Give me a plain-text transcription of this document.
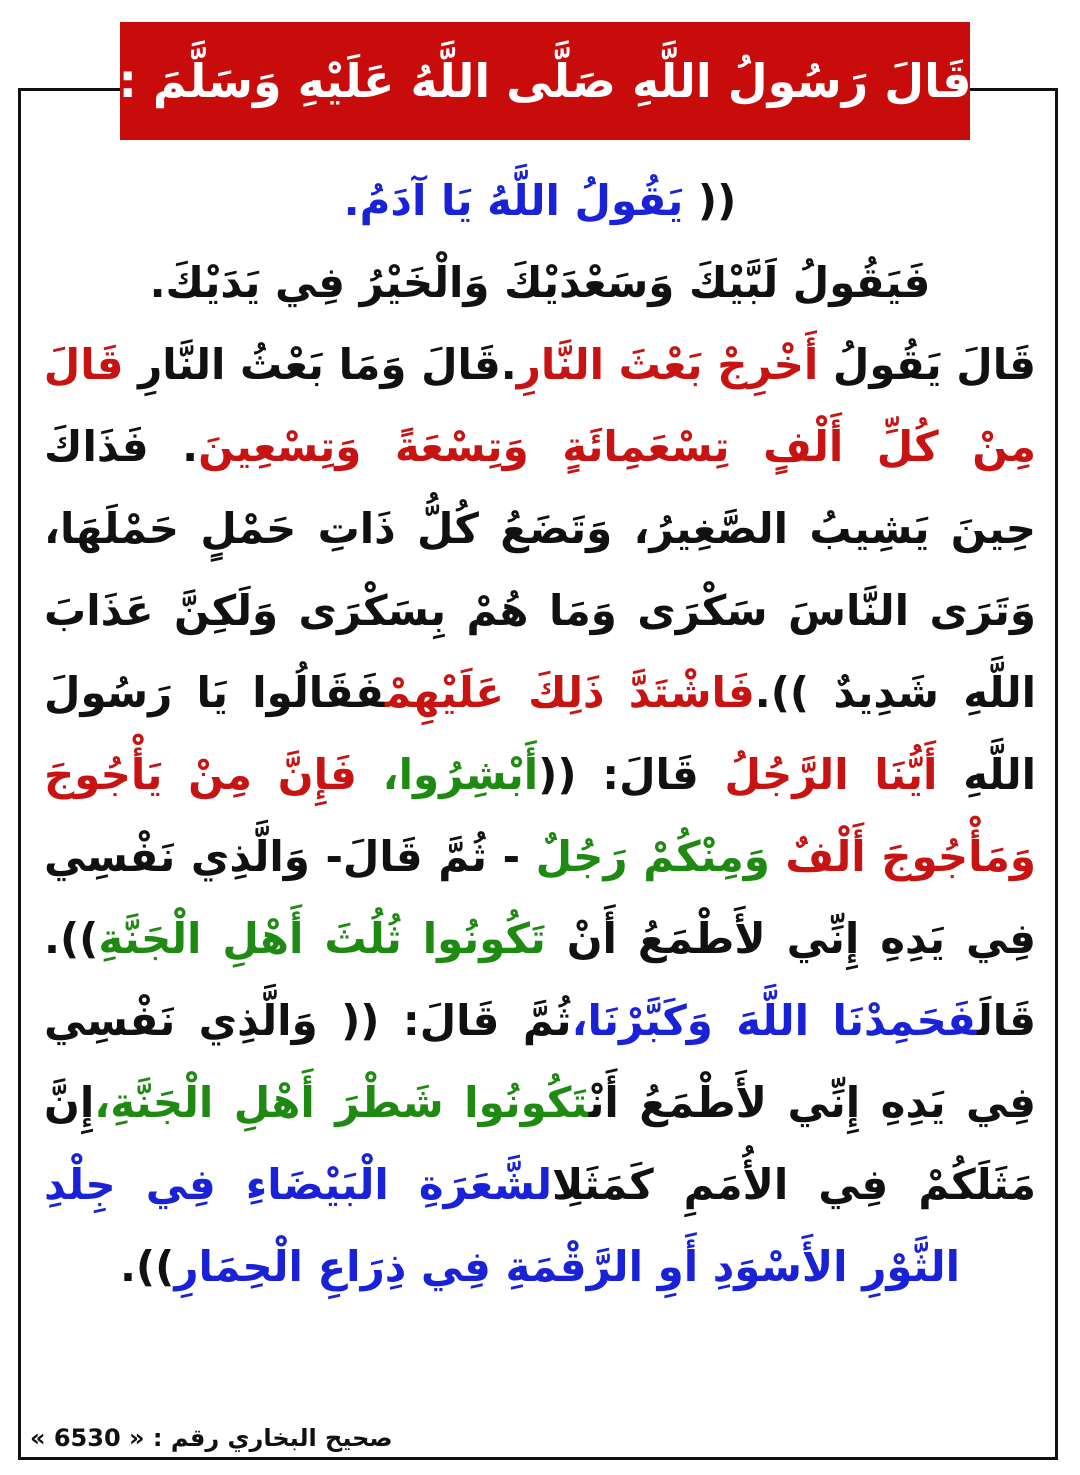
قَالَ رَسُولُ اللَّهِ صَلَّى اللَّهُ عَلَيْهِ وَسَلَّمَ :
(( يَقُولُ اللَّهُ يَا آدَمُ.
فَيَقُولُ لَبَّيْكَ وَسَعْدَيْكَ وَالْخَيْرُ فِي يَدَيْكَ.
قَالَ يَقُولُ أَخْرِجْ بَعْثَ النَّارِ.قَالَ وَمَا بَعْثُ النَّارِ قَالَ
مِنْ كُلِّ أَلْفٍ تِسْعَمِائَةٍ وَتِسْعَةً وَتِسْعِينَ. فَذَاكَ
حِينَ يَشِيبُ الصَّغِيرُ، وَتَضَعُ كُلُّ ذَاتِ حَمْلٍ حَمْلَهَا،
وَتَرَى النَّاسَ سَكْرَى وَمَا هُمْ بِسَكْرَى وَلَكِنَّ عَذَابَ
اللَّهِ شَدِيدٌ )).فَاشْتَدَّ ذَلِكَ عَلَيْهِمْفَقَالُوا يَا رَسُولَ
اللَّهِ أَيُّنَا الرَّجُلُ قَالَ: ((أَبْشِرُوا، فَإِنَّ مِنْ يَأْجُوجَ
وَمَأْجُوجَ أَلْفٌ وَمِنْكُمْ رَجُلٌ - ثُمَّ قَالَ- وَالَّذِي نَفْسِي
فِي يَدِهِ إِنِّي لأَطْمَعُ أَنْ تَكُونُوا ثُلُثَ أَهْلِ الْجَنَّةِ)).
قَالَفَحَمِدْنَا اللَّهَ وَكَبَّرْنَا،ثُمَّ قَالَ: (( وَالَّذِي نَفْسِي
فِي يَدِهِ إِنِّي لأَطْمَعُ أَنْتَكُونُوا شَطْرَ أَهْلِ الْجَنَّةِ،إِنَّ
مَثَلَكُمْ فِي الأُمَمِ كَمَثَلِالشَّعَرَةِ الْبَيْضَاءِ فِي جِلْدِ
الثَّوْرِ الأَسْوَدِ أَوِ الرَّقْمَةِ فِي ذِرَاعِ الْحِمَارِ)).
صحيح البخاري رقم : « 6530 »
